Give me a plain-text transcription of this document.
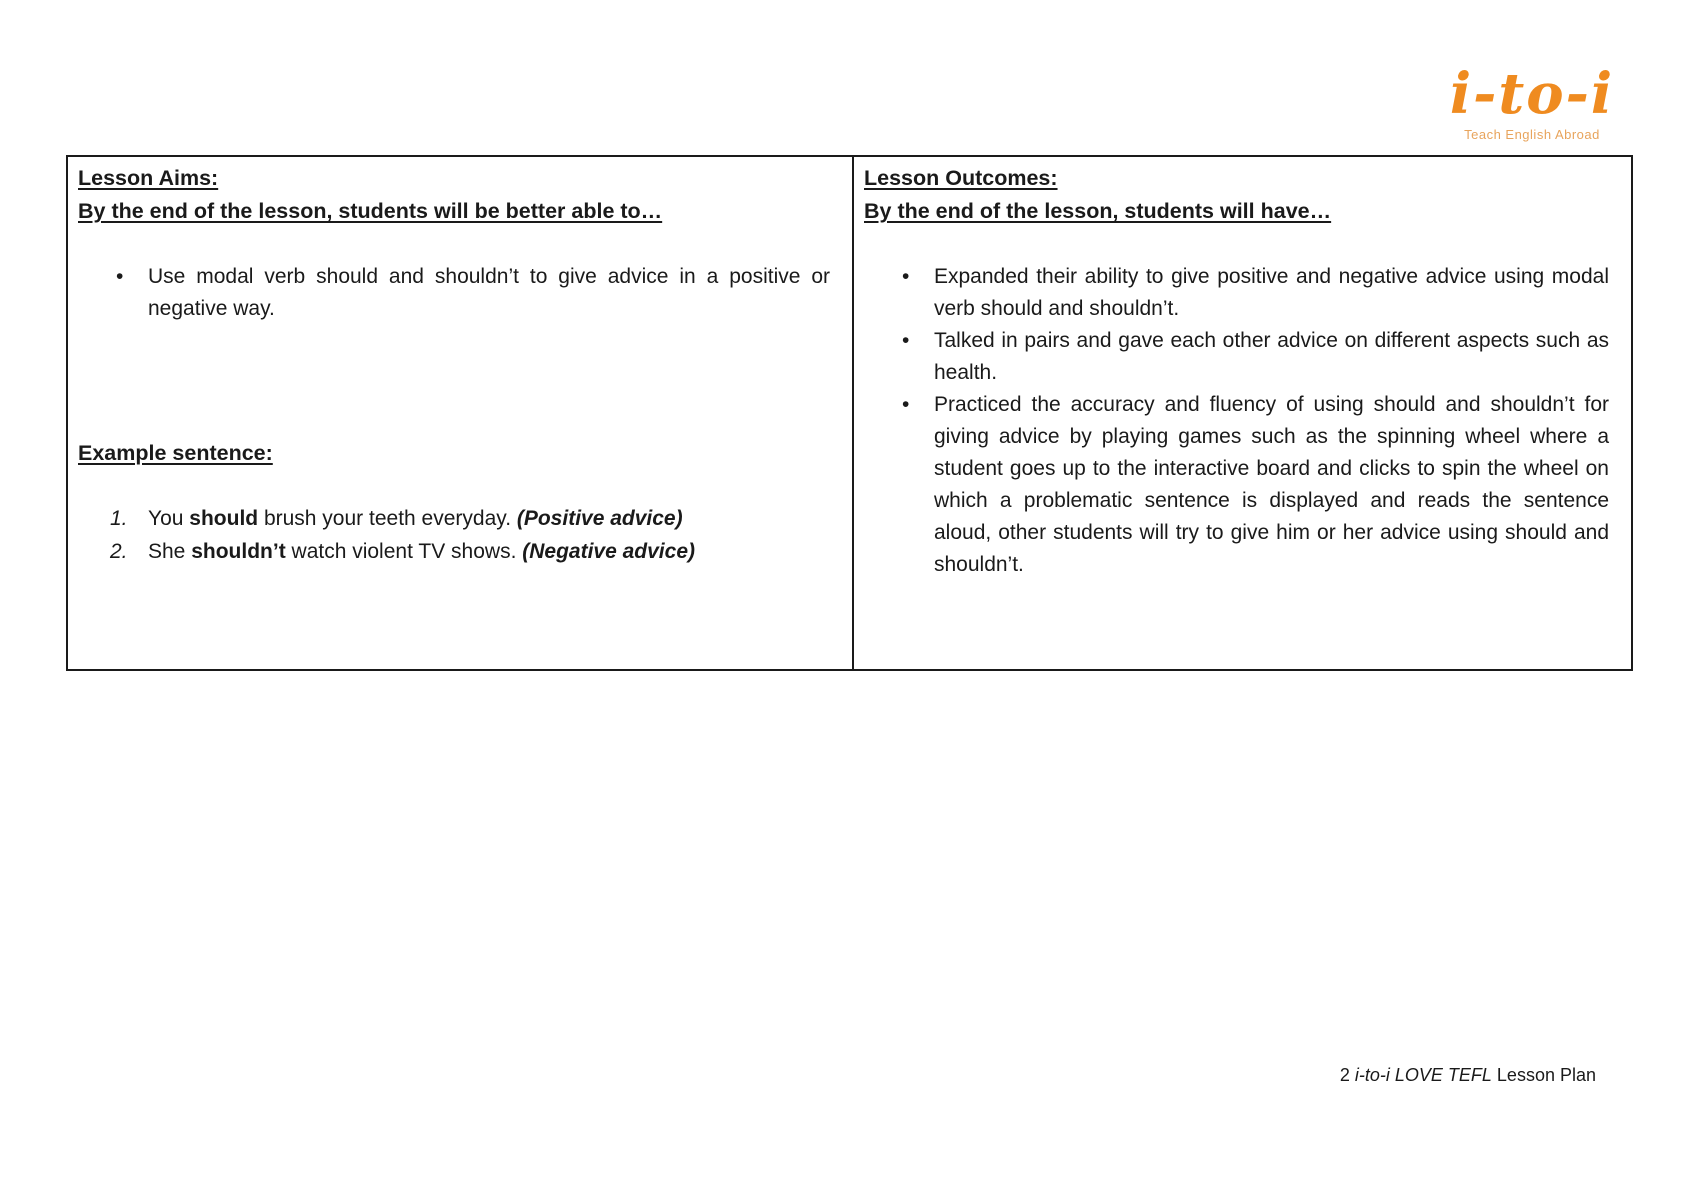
i-to-i
Teach English Abroad
Lesson Aims:
By the end of the lesson, students will be better able to…
• Use modal verb should and shouldn’t to give advice in a positive or negative way.
Example sentence:
1. You should brush your teeth everyday. (Positive advice)
2. She shouldn’t watch violent TV shows. (Negative advice)
Lesson Outcomes:
By the end of the lesson, students will have…
• Expanded their ability to give positive and negative advice using modal verb should and shouldn’t.
• Talked in pairs and gave each other advice on different aspects such as health.
• Practiced the accuracy and fluency of using should and shouldn’t for giving advice by playing games such as the spinning wheel where a student goes up to the interactive board and clicks to spin the wheel on which a problematic sentence is displayed and reads the sentence aloud, other students will try to give him or her advice using should and shouldn’t.
2 i-to-i LOVE TEFL Lesson Plan
